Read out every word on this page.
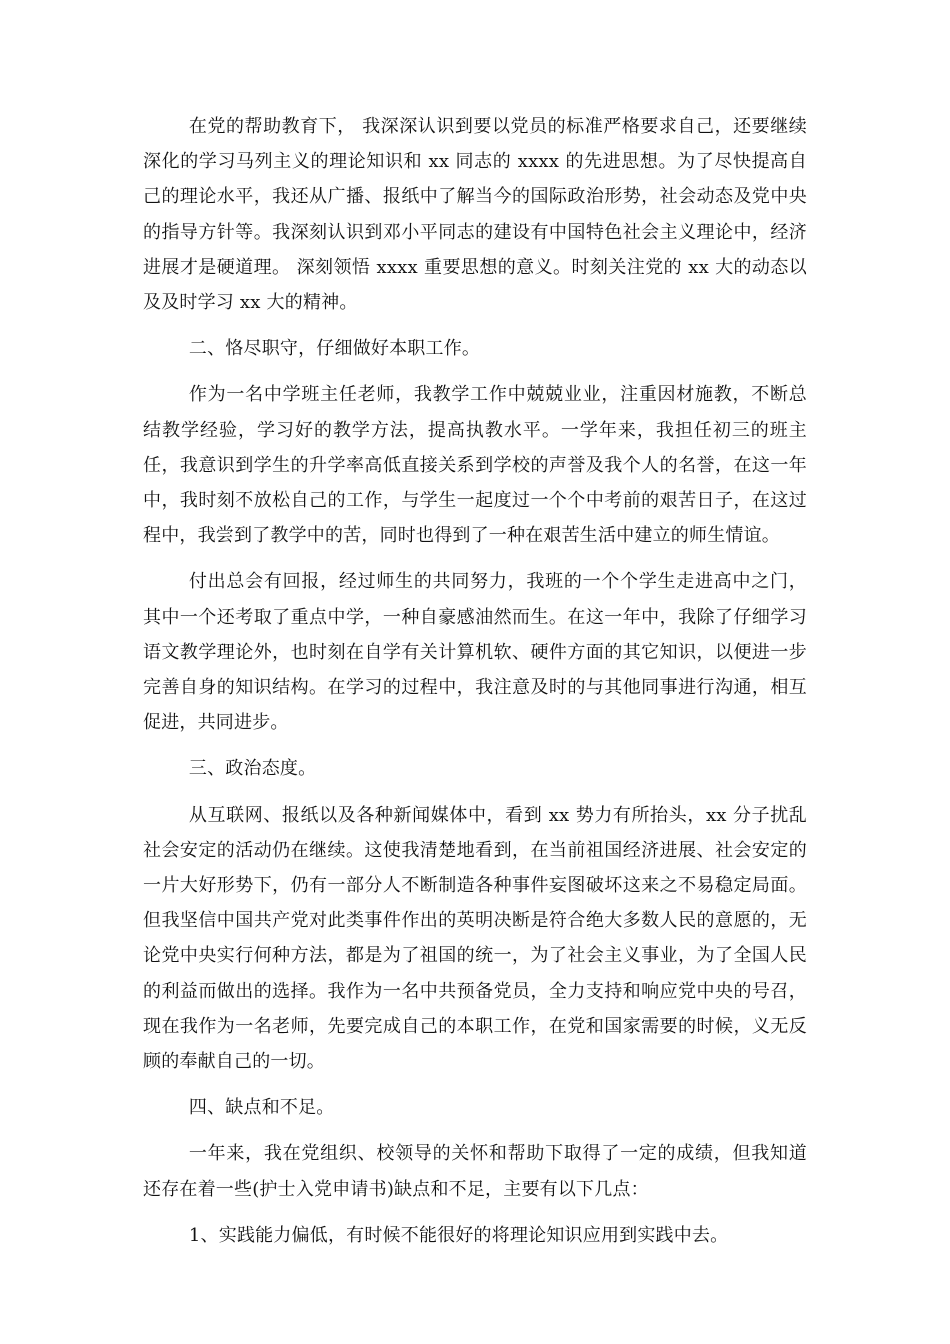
在党的帮助教育下， 我深深认识到要以党员的标准严格要求自己，还要继续深化的学习马列主义的理论知识和 xx 同志的 xxxx 的先进思想。为了尽快提高自己的理论水平，我还从广播、报纸中了解当今的国际政治形势，社会动态及党中央的指导方针等。我深刻认识到邓小平同志的建设有中国特色社会主义理论中，经济进展才是硬道理。 深刻领悟 xxxx 重要思想的意义。时刻关注党的 xx 大的动态以及及时学习 xx 大的精神。

二、恪尽职守，仔细做好本职工作。

作为一名中学班主任老师，我教学工作中兢兢业业，注重因材施教，不断总结教学经验，学习好的教学方法，提高执教水平。一学年来，我担任初三的班主任，我意识到学生的升学率高低直接关系到学校的声誉及我个人的名誉，在这一年中，我时刻不放松自己的工作，与学生一起度过一个个中考前的艰苦日子，在这过程中，我尝到了教学中的苦，同时也得到了一种在艰苦生活中建立的师生情谊。

付出总会有回报，经过师生的共同努力，我班的一个个学生走进高中之门，其中一个还考取了重点中学，一种自豪感油然而生。在这一年中，我除了仔细学习语文教学理论外，也时刻在自学有关计算机软、硬件方面的其它知识，以便进一步完善自身的知识结构。在学习的过程中，我注意及时的与其他同事进行沟通，相互促进，共同进步。

三、政治态度。

从互联网、报纸以及各种新闻媒体中，看到 xx 势力有所抬头，xx 分子扰乱社会安定的活动仍在继续。这使我清楚地看到，在当前祖国经济进展、社会安定的一片大好形势下，仍有一部分人不断制造各种事件妄图破坏这来之不易稳定局面。但我坚信中国共产党对此类事件作出的英明决断是符合绝大多数人民的意愿的，无论党中央实行何种方法，都是为了祖国的统一，为了社会主义事业，为了全国人民的利益而做出的选择。我作为一名中共预备党员，全力支持和响应党中央的号召，现在我作为一名老师，先要完成自己的本职工作，在党和国家需要的时候，义无反顾的奉献自己的一切。

四、缺点和不足。

一年来，我在党组织、校领导的关怀和帮助下取得了一定的成绩，但我知道还存在着一些(护士入党申请书)缺点和不足，主要有以下几点：

1、实践能力偏低，有时候不能很好的将理论知识应用到实践中去。
